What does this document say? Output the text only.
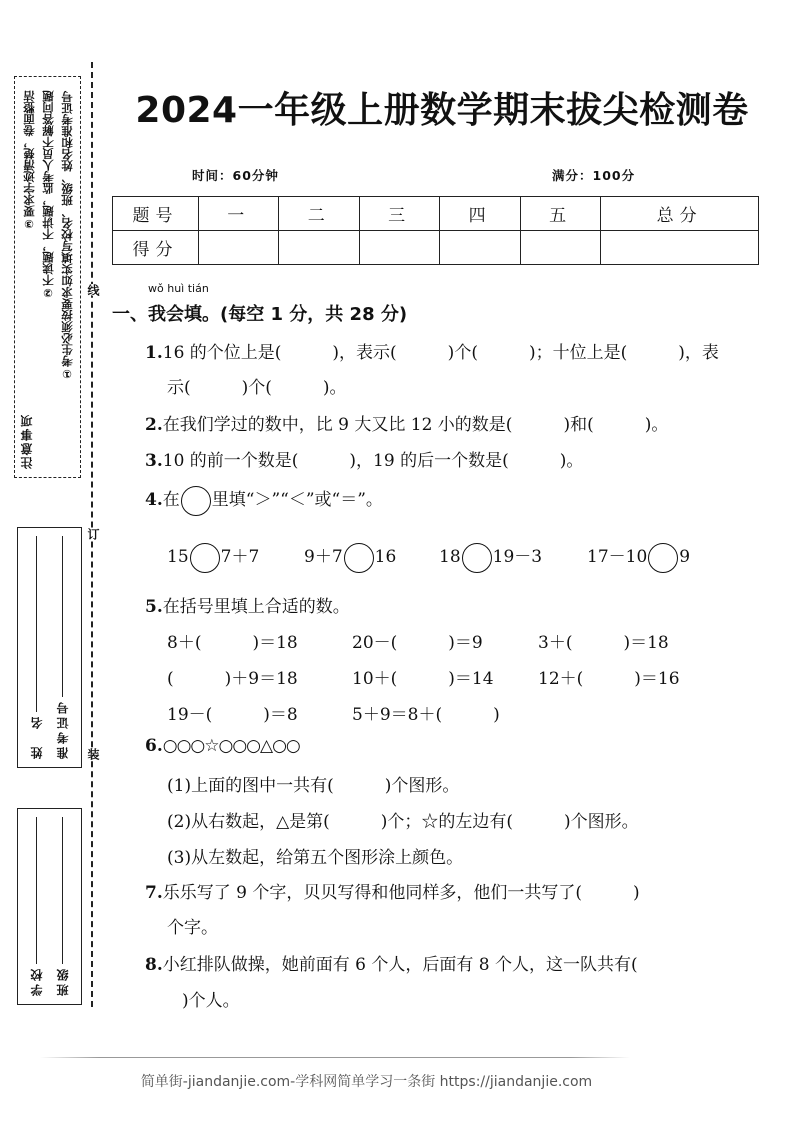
线
订
装
①考生必须按要求如实填写校名、班级、姓名和准考证号
②不读题，不讲题，监考人员不解答问题
③要求字迹清楚，卷面整洁
注意事项
姓　名 准考证号
学校 班级
2024一年级上册数学期末拔尖检测卷
时间：60分钟	满分：100分
题号	一	二	三	四	五	总分
得分						
wǒ huì tián
一、我会填。(每空 1 分，共 28 分)
1.16 的个位上是(　　　)，表示(　　　)个(　　　)；十位上是(　　　)，表
示(　　　)个(　　　)。
2.在我们学过的数中，比 9 大又比 12 小的数是(　　　)和(　　　)。
3.10 的前一个数是(　　　)，19 的后一个数是(　　　)。
4.在 里填“＞”“＜”或“＝”。
15 7＋7	9＋7 16	18 19－3	17－10 9
5.在括号里填上合适的数。
8＋(　　　)＝18	20－(　　　)＝9	3＋(　　　)＝18
(　　　)＋9＝18	10＋(　　　)＝14	12＋(　　　)＝16
19－(　　　)＝8	5＋9＝8＋(　　　)
6.○○○☆○○○△○○
(1)上面的图中一共有(　　　)个图形。
(2)从右数起，△是第(　　　)个；☆的左边有(　　　)个图形。
(3)从左数起，给第五个图形涂上颜色。
7.乐乐写了 9 个字，贝贝写得和他同样多，他们一共写了(　　　)
个字。
8.小红排队做操，她前面有 6 个人，后面有 8 个人，这一队共有(
)个人。
简单街-jiandanjie.com-学科网简单学习一条街 https://jiandanjie.com
